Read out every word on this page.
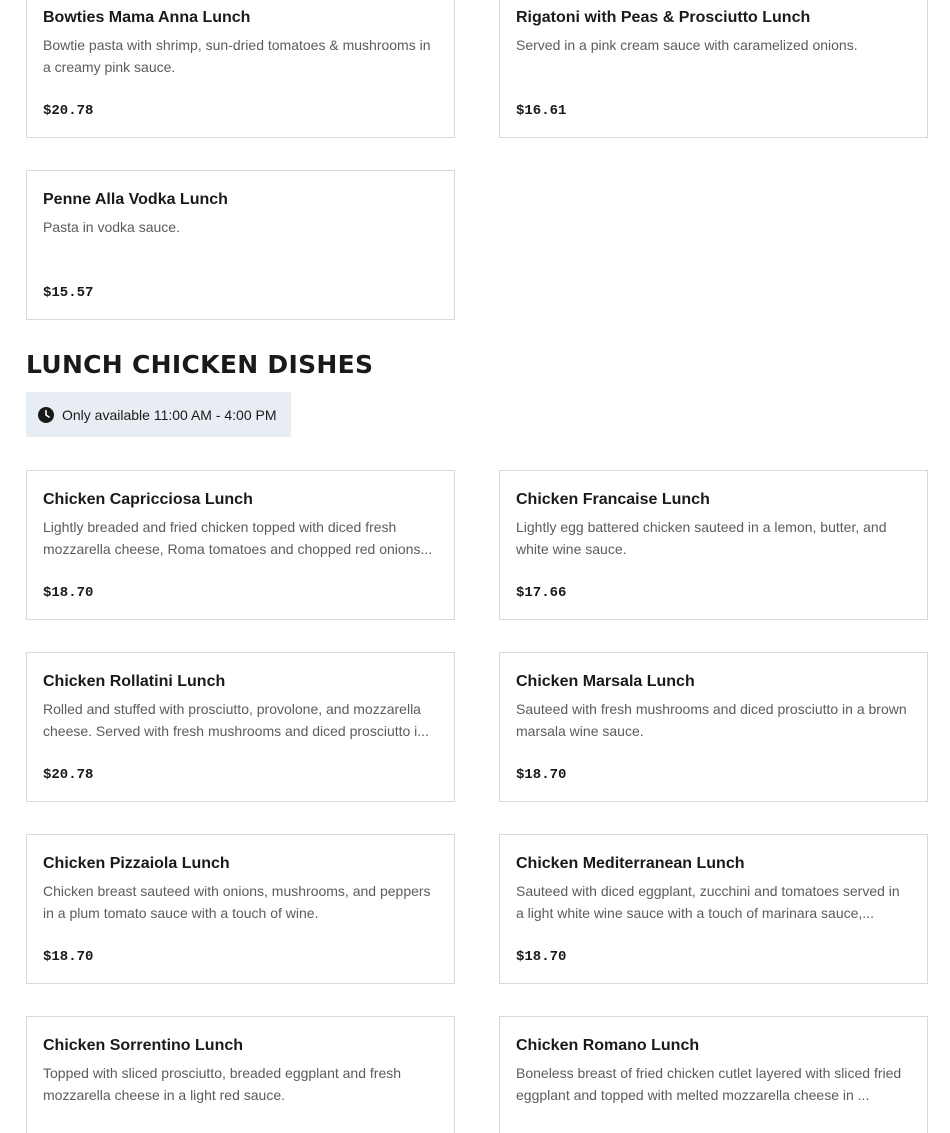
Bowties Mama Anna Lunch
Bowtie pasta with shrimp, sun-dried tomatoes & mushrooms in a creamy pink sauce.
$20.78
Rigatoni with Peas & Prosciutto Lunch
Served in a pink cream sauce with caramelized onions.
$16.61
Penne Alla Vodka Lunch
Pasta in vodka sauce.
$15.57
LUNCH CHICKEN DISHES
Only available 11:00 AM - 4:00 PM
Chicken Capricciosa Lunch
Lightly breaded and fried chicken topped with diced fresh mozzarella cheese, Roma tomatoes and chopped red onions...
$18.70
Chicken Francaise Lunch
Lightly egg battered chicken sauteed in a lemon, butter, and white wine sauce.
$17.66
Chicken Rollatini Lunch
Rolled and stuffed with prosciutto, provolone, and mozzarella cheese. Served with fresh mushrooms and diced prosciutto i...
$20.78
Chicken Marsala Lunch
Sauteed with fresh mushrooms and diced prosciutto in a brown marsala wine sauce.
$18.70
Chicken Pizzaiola Lunch
Chicken breast sauteed with onions, mushrooms, and peppers in a plum tomato sauce with a touch of wine.
$18.70
Chicken Mediterranean Lunch
Sauteed with diced eggplant, zucchini and tomatoes served in a light white wine sauce with a touch of marinara sauce,...
$18.70
Chicken Sorrentino Lunch
Topped with sliced prosciutto, breaded eggplant and fresh mozzarella cheese in a light red sauce.
Chicken Romano Lunch
Boneless breast of fried chicken cutlet layered with sliced fried eggplant and topped with melted mozzarella cheese in ...
